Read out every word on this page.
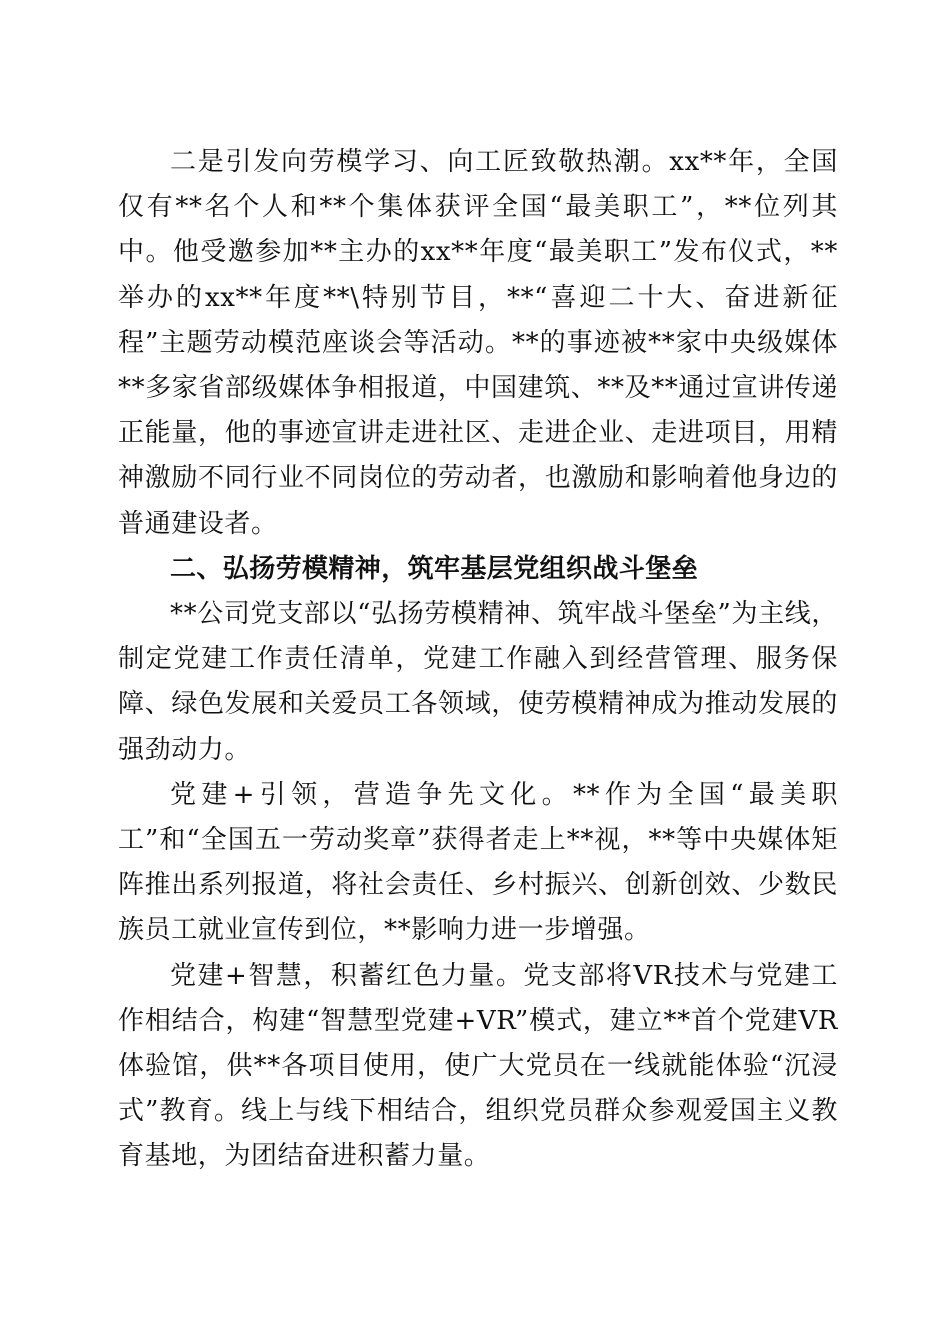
二是引发向劳模学习、向工匠致敬热潮。xx**年，全国仅有**名个人和**个集体获评全国“最美职工”，**位列其中。他受邀参加**主办的xx**年度“最美职工”发布仪式，**举办的xx**年度**\特别节目，**“喜迎二十大、奋进新征程”主题劳动模范座谈会等活动。**的事迹被**家中央级媒体**多家省部级媒体争相报道，中国建筑、**及**通过宣讲传递正能量，他的事迹宣讲走进社区、走进企业、走进项目，用精神激励不同行业不同岗位的劳动者，也激励和影响着他身边的普通建设者。

二、弘扬劳模精神，筑牢基层党组织战斗堡垒

**公司党支部以“弘扬劳模精神、筑牢战斗堡垒”为主线，制定党建工作责任清单，党建工作融入到经营管理、服务保障、绿色发展和关爱员工各领域，使劳模精神成为推动发展的强劲动力。

党建+引领，营造争先文化。**作为全国“最美职工”和“全国五一劳动奖章”获得者走上**视，**等中央媒体矩阵推出系列报道，将社会责任、乡村振兴、创新创效、少数民族员工就业宣传到位，**影响力进一步增强。

党建+智慧，积蓄红色力量。党支部将VR技术与党建工作相结合，构建“智慧型党建+VR”模式，建立**首个党建VR体验馆，供**各项目使用，使广大党员在一线就能体验“沉浸式”教育。线上与线下相结合，组织党员群众参观爱国主义教育基地，为团结奋进积蓄力量。
